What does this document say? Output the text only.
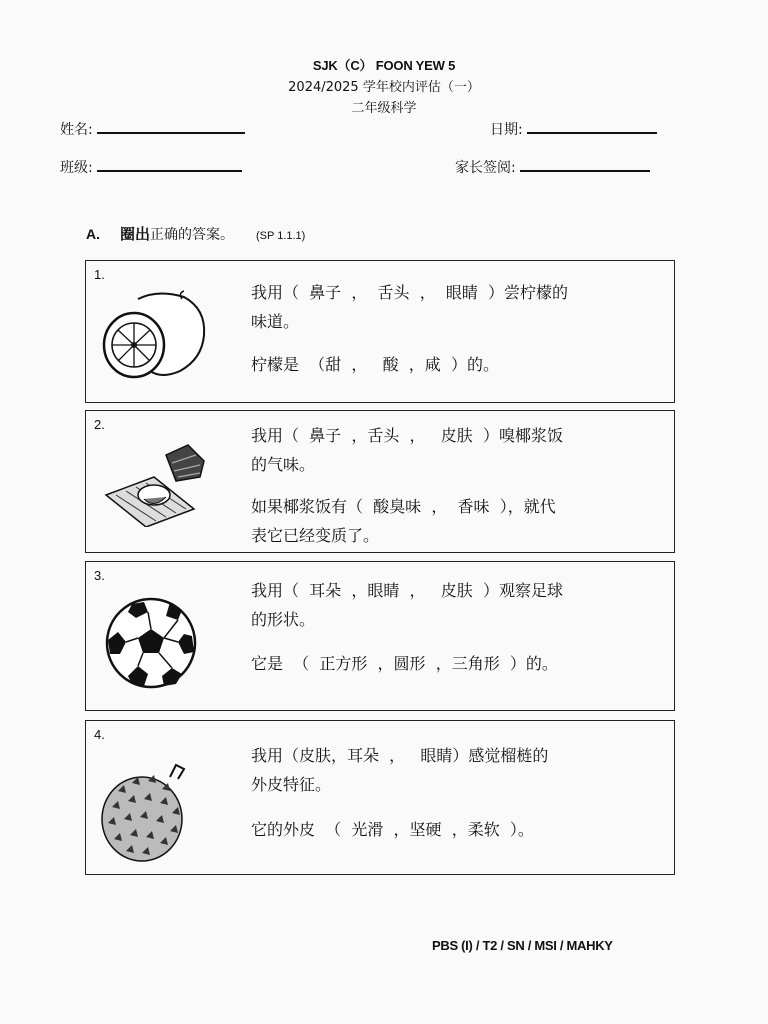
SJK（C） FOON YEW 5
2024/2025 学年校内评估（一）
二年级科学
姓名:	日期:
班级:	家长签阅:
A. 圈出正确的答案。 (SP 1.1.1)
1.
我用（  鼻子  ，  舌头  ，  眼睛  ）尝柠檬的
味道。
柠檬是  （甜  ，   酸  ，咸  ）的。
2.
我用（  鼻子  ，舌头  ，   皮肤  ）嗅椰浆饭
的气味。
如果椰浆饭有（  酸臭味  ，  香味  ），就代
表它已经变质了。
3.
我用（  耳朵  ，眼睛  ，   皮肤  ）观察足球
的形状。
它是  （  正方形  ，圆形  ，三角形  ）的。
4.
我用（皮肤，耳朵  ，   眼睛）感觉榴梿的
外皮特征。
它的外皮  （  光滑  ，坚硬  ，柔软  ）。
PBS (I) / T2 / SN / MSI / MAHKY
